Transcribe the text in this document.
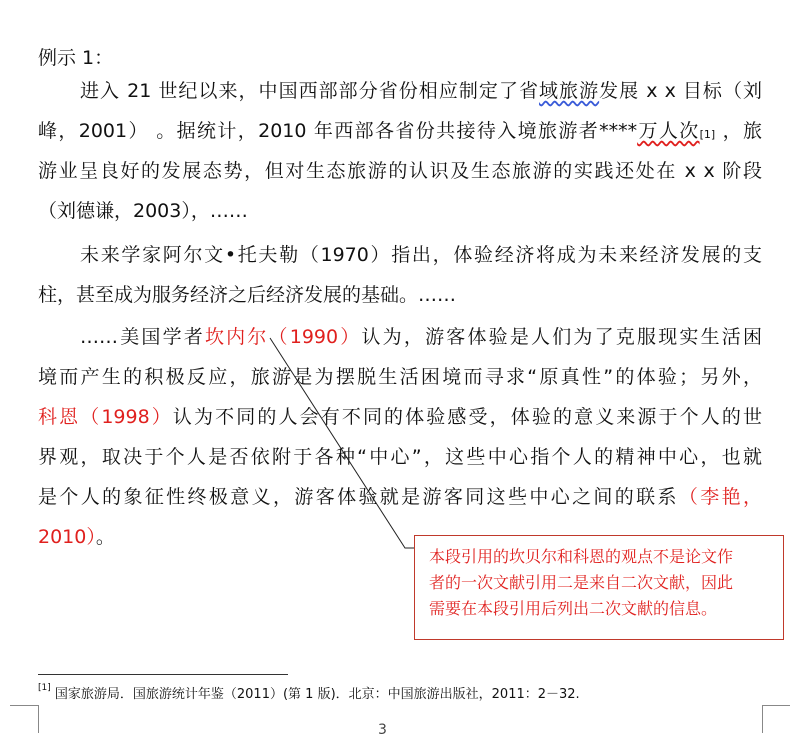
例示 1：
进入 21 世纪以来，中国西部部分省份相应制定了省域旅游发展 x x 目标（刘
峰，2001） 。据统计，2010 年西部各省份共接待入境旅游者****万人次[1] ，旅
游业呈良好的发展态势，但对生态旅游的认识及生态旅游的实践还处在 x x 阶段
（刘德谦，2003），……
未来学家阿尔文•托夫勒（1970）指出，体验经济将成为未来经济发展的支
柱，甚至成为服务经济之后经济发展的基础。……
……美国学者坎内尔（1990）认为，游客体验是人们为了克服现实生活困
境而产生的积极反应，旅游是为摆脱生活困境而寻求“原真性”的体验；另外，
科恩（1998）认为不同的人会有不同的体验感受，体验的意义来源于个人的世
界观，取决于个人是否依附于各种“中心”，这些中心指个人的精神中心，也就
是个人的象征性终极意义，游客体验就是游客同这些中心之间的联系（李艳，
2010）。
本段引用的坎贝尔和科恩的观点不是论文作
者的一次文献引用二是来自二次文献，因此
需要在本段引用后列出二次文献的信息。
[1] 国家旅游局．国旅游统计年鉴（2011）(第 1 版)．北京：中国旅游出版社，2011：2－32.
3
